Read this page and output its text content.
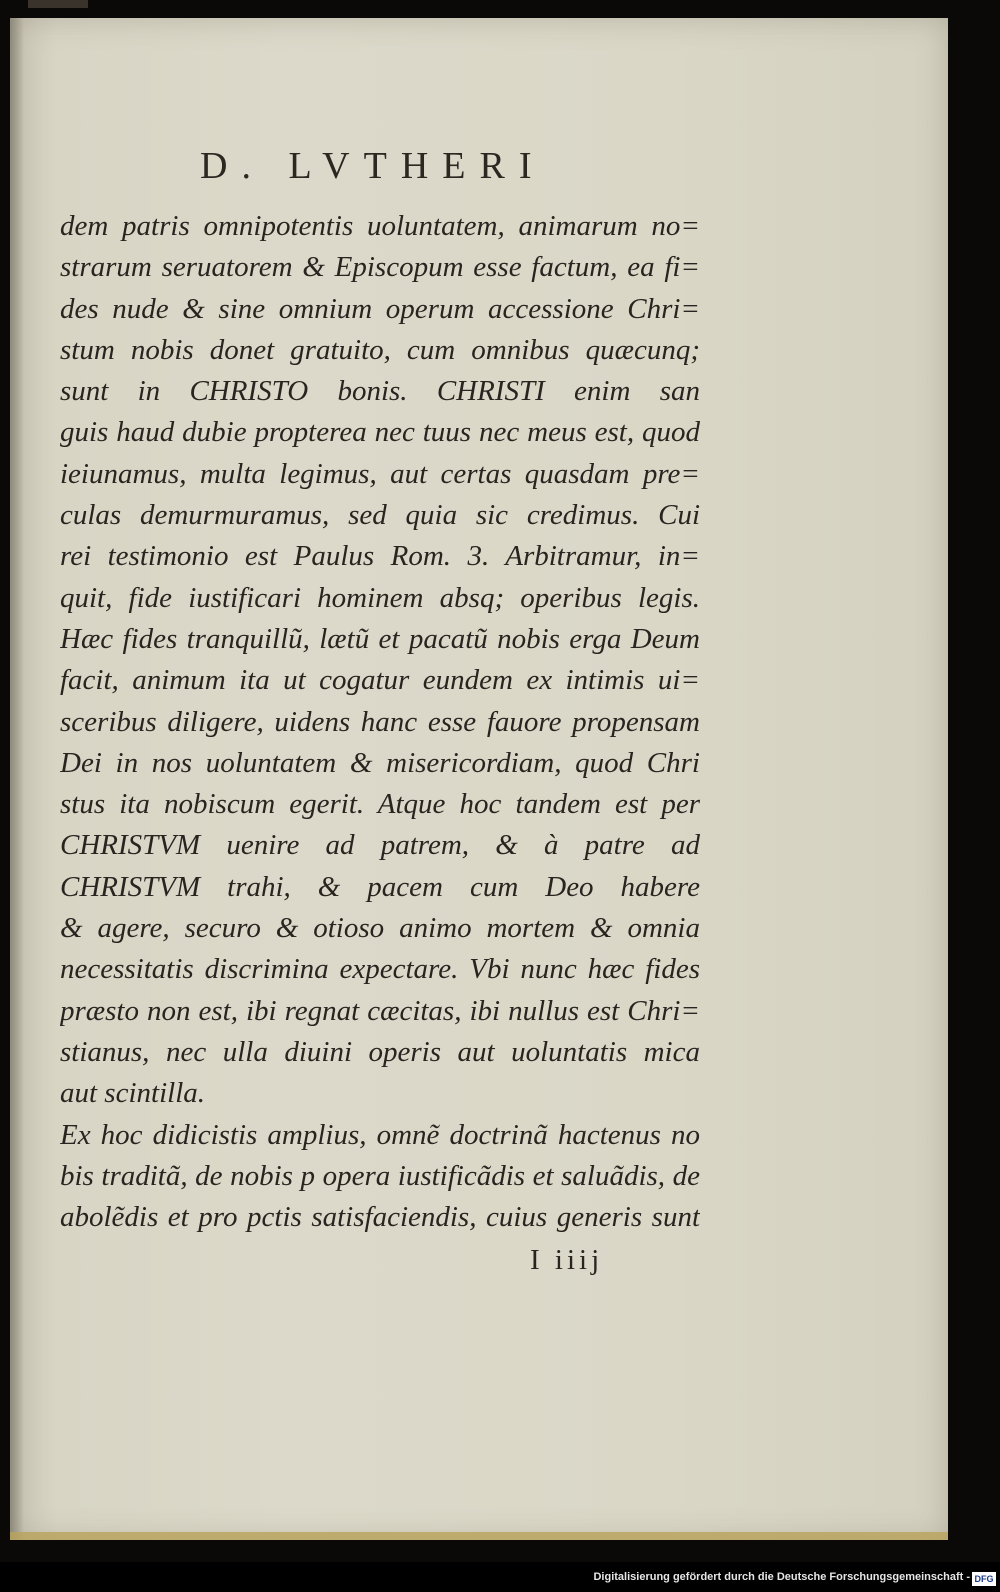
D. LVTHERI
dem patris omnipotentis uoluntatem, animarum no=
strarum seruatorem & Episcopum esse factum, ea fi=
des nude & sine omnium operum accessione Chri=
stum nobis donet gratuito, cum omnibus quæcunq;
sunt in CHRISTO bonis. CHRISTI enim san
guis haud dubie propterea nec tuus nec meus est, quod
ieiunamus, multa legimus, aut certas quasdam pre=
culas demurmuramus, sed quia sic credimus. Cui
rei testimonio est Paulus Rom. 3. Arbitramur, in=
quit, fide iustificari hominem absq; operibus legis.
Hæc fides tranquillũ, lætũ et pacatũ nobis erga Deum
facit, animum ita ut cogatur eundem ex intimis ui=
sceribus diligere, uidens hanc esse fauore propensam
Dei in nos uoluntatem & misericordiam, quod Chri
stus ita nobiscum egerit. Atque hoc tandem est per
CHRISTVM uenire ad patrem, & à patre ad
CHRISTVM trahi, & pacem cum Deo habere
& agere, securo & otioso animo mortem & omnia
necessitatis discrimina expectare. Vbi nunc hæc fides
præsto non est, ibi regnat cæcitas, ibi nullus est Chri=
stianus, nec ulla diuini operis aut uoluntatis mica
aut scintilla.
Ex hoc didicistis amplius, omnẽ doctrinã hactenus no
bis traditã, de nobis p opera iustificãdis et saluãdis, de
abolẽdis et pro pctis satisfaciendis, cuius generis sunt
I iiij
Digitalisierung gefördert durch die Deutsche Forschungsgemeinschaft - DFG
